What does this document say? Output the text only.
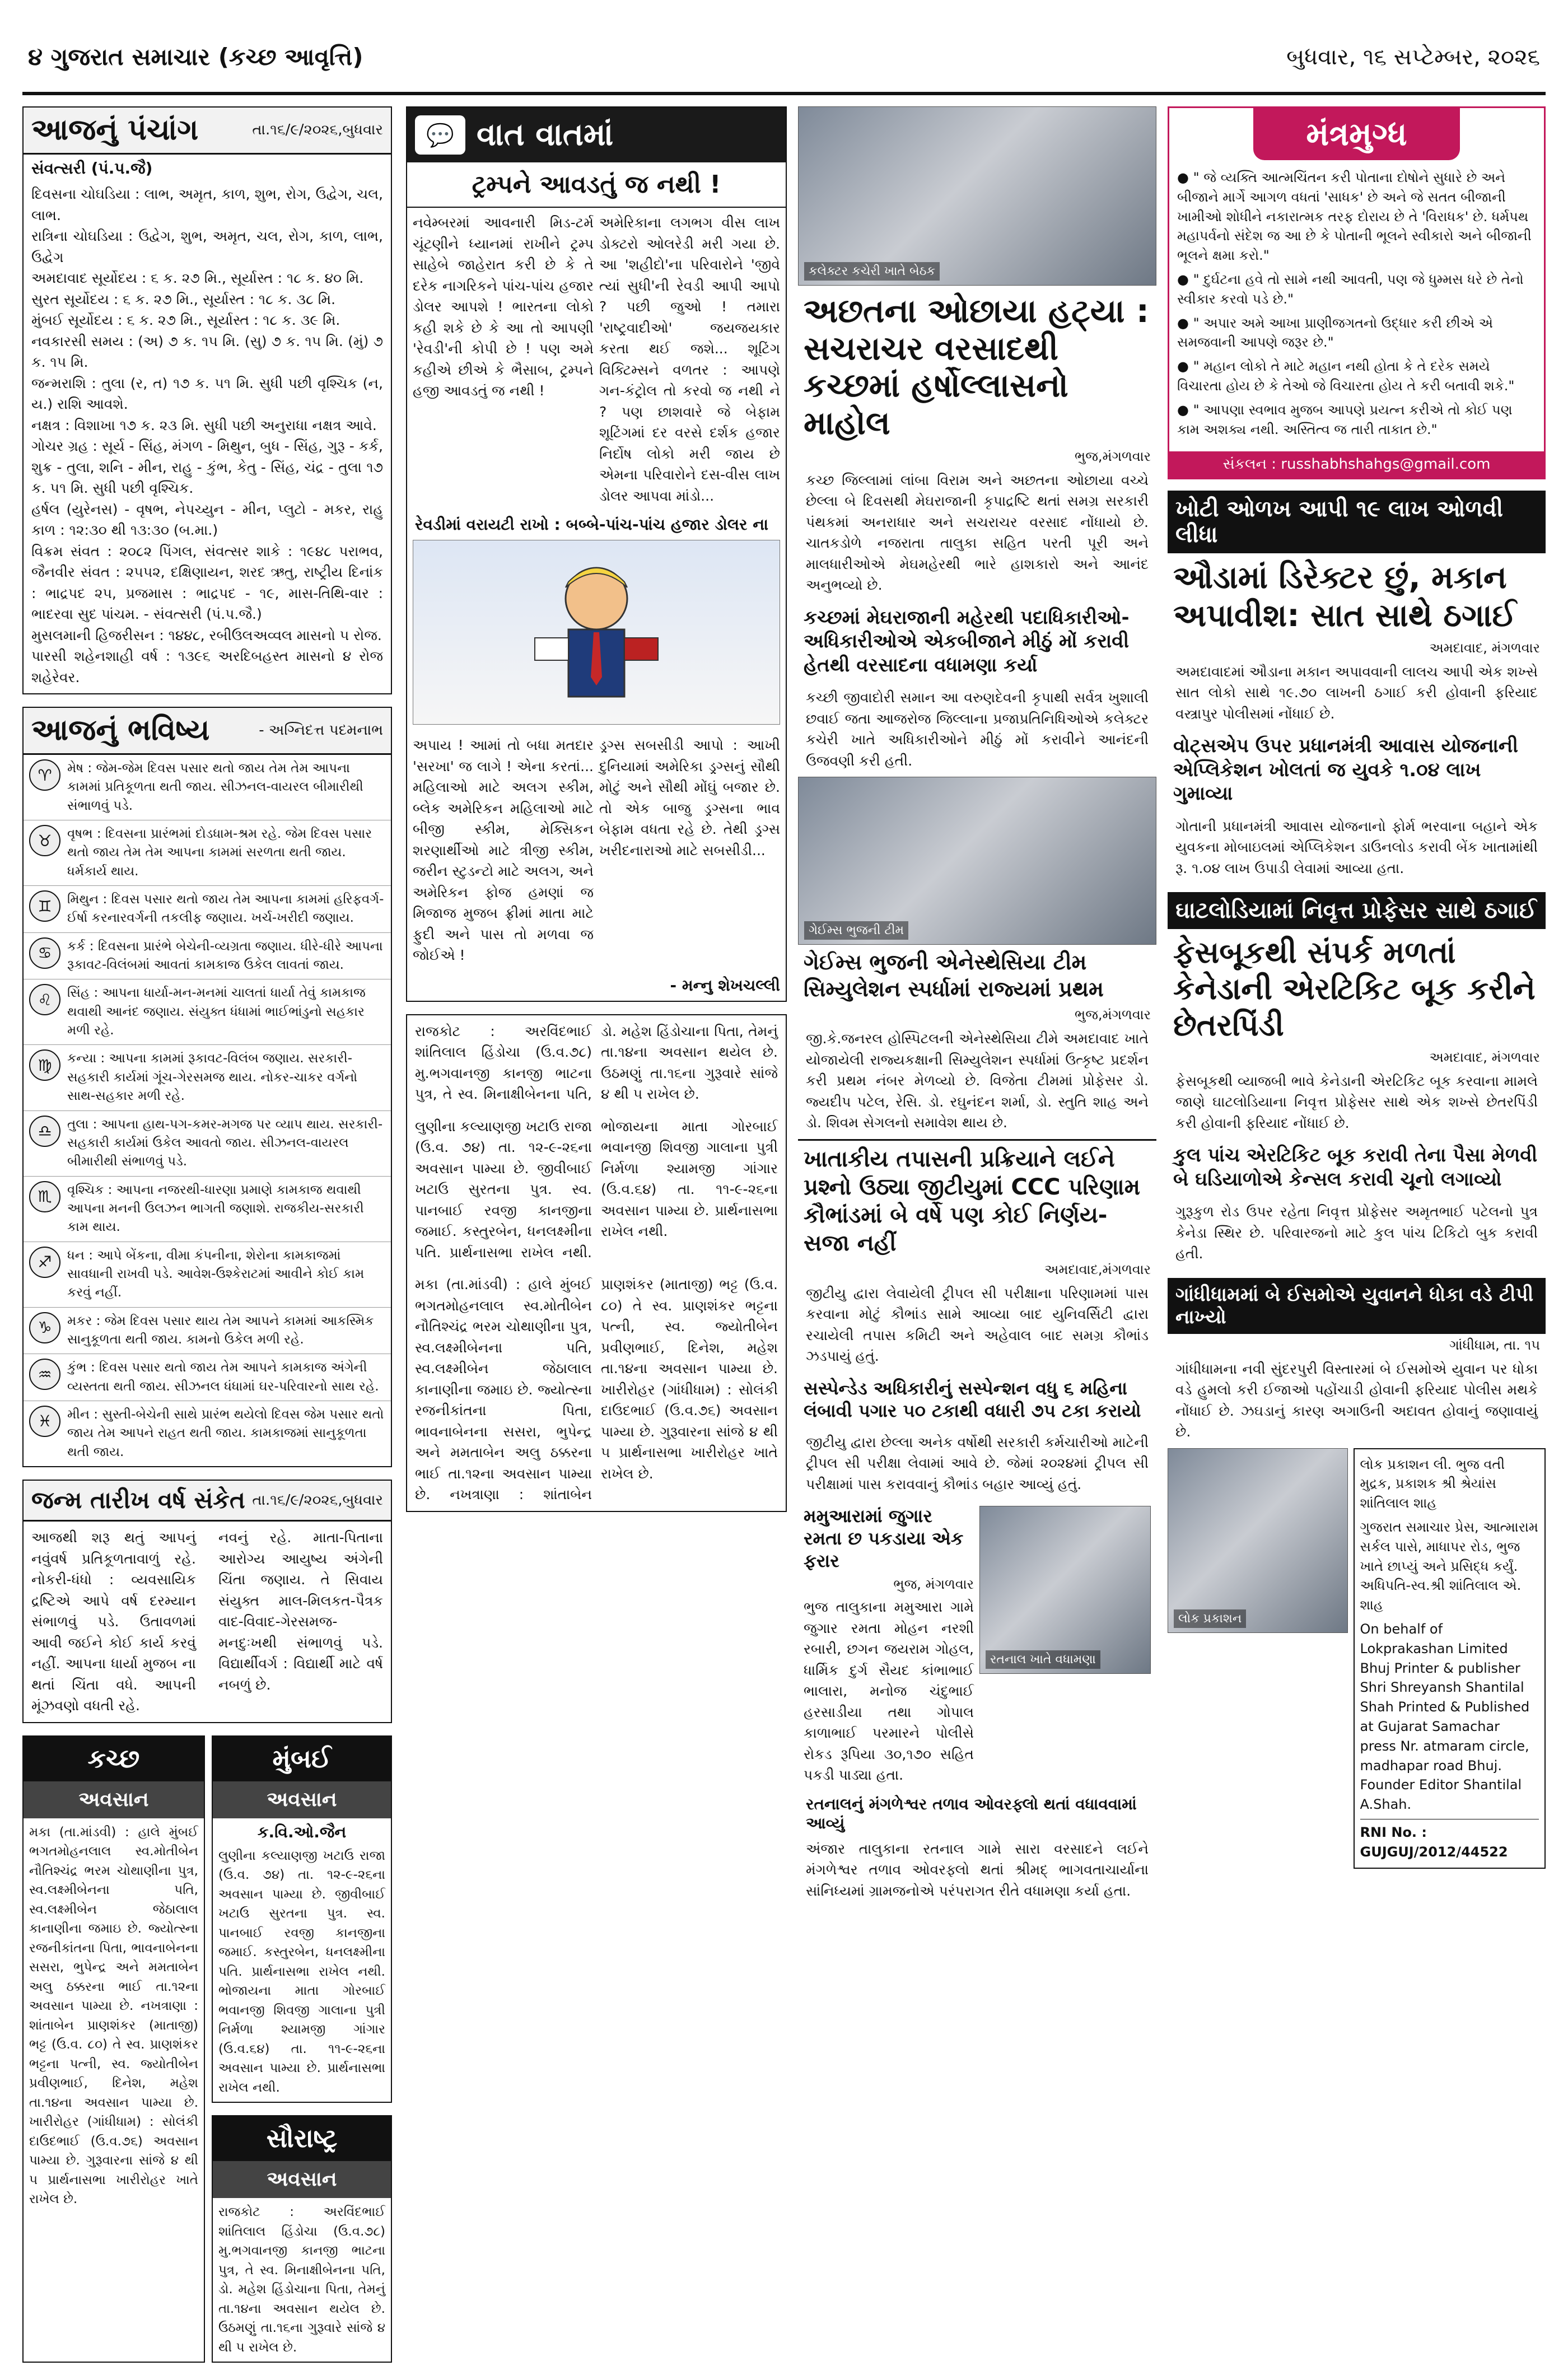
૪ ગુજરાત સમાચાર (કચ્છ આવૃત્તિ)	બુધવાર, ૧૬ સપ્ટેમ્બર, ૨૦૨૬
આજનું પંચાંગ	તા.૧૬/૯/૨૦૨૬,બુધવાર
સંવત્સરી (પં.પ.જૈ)
દિવસના ચોઘડિયા : લાભ, અમૃત, કાળ, શુભ, રોગ, ઉદ્વેગ, ચલ, લાભ.
રાત્રિના ચોઘડિયા : ઉદ્વેગ, શુભ, અમૃત, ચલ, રોગ, કાળ, લાભ, ઉદ્વેગ
અમદાવાદ સૂર્યોદય : ૬ ક. ૨૭ મિ., સૂર્યાસ્ત : ૧૮ ક. ૪૦ મિ.
સુરત સૂર્યોદય : ૬ ક. ૨૭ મિ., સૂર્યાસ્ત : ૧૮ ક. ૩૮ મિ.
મુંબઈ સૂર્યોદય : ૬ ક. ૨૭ મિ., સૂર્યાસ્ત : ૧૮ ક. ૩૯ મિ.
નવકારસી સમય : (અ) ૭ ક. ૧૫ મિ. (સુ) ૭ ક. ૧૫ મિ. (મું) ૭ ક. ૧૫ મિ.
જન્મરાશિ : તુલા (ર, ત) ૧૭ ક. ૫૧ મિ. સુધી પછી વૃશ્ચિક (ન, ય.) રાશિ આવશે.
નક્ષત્ર : વિશાખા ૧૭ ક. ૨૩ મિ. સુધી પછી અનુરાધા નક્ષત્ર આવે.
ગોચર ગ્રહ : સૂર્ય - સિંહ, મંગળ - મિથુન, બુધ - સિંહ, ગુરૂ - કર્ક, શુક્ર - તુલા, શનિ - મીન, રાહુ - કુંભ, કેતુ - સિંહ, ચંદ્ર - તુલા ૧૭ ક. ૫૧ મિ. સુધી પછી વૃશ્ચિક.
હર્ષલ (યુરેનસ) - વૃષભ, નેપચ્યુન - મીન, પ્લુટો - મકર, રાહુ કાળ : ૧૨:૩૦ થી ૧૩:૩૦ (બ.મા.)
વિક્રમ સંવત : ૨૦૮૨ પિંગલ, સંવત્સર શાકે : ૧૯૪૮ પરાભવ, જૈનવીર સંવત : ૨૫૫૨, દક્ષિણાયન, શરદ ઋતુ, રાષ્ટ્રીય દિનાંક : ભાદ્રપદ ૨૫, પ્રજમાસ : ભાદ્રપદ - ૧૯, માસ-તિથિ-વાર : ભાદરવા સુદ પાંચમ. - સંવત્સરી (પં.પ.જૈ.)
મુસલમાની હિજરીસન : ૧૪૪૮, રબીઉલઅવ્વલ માસનો ૫ રોજ.
પારસી શહેનશાહી વર્ષ : ૧૩૯૬ અરદિબહસ્ત માસનો ૪ રોજ શહેરેવર.
આજનું ભવિષ્ય	- અગ્નિદત્ત પદમનાભ
♈	મેષ : જેમ-જેમ દિવસ પસાર થતો જાય તેમ તેમ આપના કામમાં પ્રતિકૂળતા થતી જાય. સીઝનલ-વાયરલ બીમારીથી સંભાળવું પડે.

♉	વૃષભ : દિવસના પ્રારંભમાં દોડધામ-શ્રમ રહે. જેમ દિવસ પસાર થતો જાય તેમ તેમ આપના કામમાં સરળતા થતી જાય. ધર્મકાર્ય થાય.

♊	મિથુન : દિવસ પસાર થતો જાય તેમ આપના કામમાં હરિફવર્ગ- ઈર્ષા કરનારવર્ગની તકલીફ જણાય. ખર્ચ-ખરીદી જણાય.

♋	કર્ક : દિવસના પ્રારંભે બેચેની-વ્યગ્રતા જણાય. ધીરે-ધીરે આપના રૂકાવટ-વિલંબમાં આવતાં કામકાજ ઉકેલ લાવતાં જાય.

♌	સિંહ : આપના ધાર્યા-મન-મનમાં ચાલતાં ધાર્યા તેવું કામકાજ થવાથી આનંદ જણાય. સંયુક્ત ધંધામાં ભાઈભાંડુનો સહકાર મળી રહે.

♍	કન્યા : આપના કામમાં રૂકાવટ-વિલંબ જણાય. સરકારી-સહકારી કાર્યમાં ગૂંચ-ગેરસમજ થાય. નોકર-ચાકર વર્ગનો સાથ-સહકાર મળી રહે.

♎	તુલા : આપના હાથ-પગ-કમર-મગજ પર વ્યાપ થાય. સરકારી-સહકારી કાર્યમાં ઉકેલ આવતો જાય. સીઝનલ-વાયરલ બીમારીથી સંભાળવું પડે.

♏	વૃશ્ચિક : આપના નજરથી-ધારણા પ્રમાણે કામકાજ થવાથી આપના મનની ઉલઝન ભાગતી જણાશે. રાજકીય-સરકારી કામ થાય.

♐	ધન : આપે બેંકના, વીમા કંપનીના, શેરોના કામકાજમાં સાવધાની રાખવી પડે. આવેશ-ઉશ્કેરાટમાં આવીને કોઈ કામ કરવું નહીં.

♑	મકર : જેમ દિવસ પસાર થાય તેમ આપને કામમાં આકસ્મિક સાનુકૂળતા થતી જાય. કામનો ઉકેલ મળી રહે.

♒	કુંભ : દિવસ પસાર થતો જાય તેમ આપને કામકાજ અંગેની વ્યસ્તતા થતી જાય. સીઝનલ ધંધામાં ઘર-પરિવારનો સાથ રહે.

♓	મીન : સુસ્તી-બેચેની સાથે પ્રારંભ થયેલો દિવસ જેમ પસાર થતો જાય તેમ આપને રાહત થતી જાય. કામકાજમાં સાનુકૂળતા થતી જાય.

જન્મ તારીખ વર્ષ સંકેત તા.૧૬/૯/૨૦૨૬,બુધવાર
આજથી શરૂ થતું આપનું નવુંવર્ષ પ્રતિકૂળતાવાળું રહે. નોકરી-ધંધો : વ્યવસાયિક દ્રષ્ટિએ આપે વર્ષ દરમ્યાન સંભાળવું પડે. ઉતાવળમાં આવી જઈને કોઈ કાર્ય કરવું નહીં. આપના ધાર્યા મુજબ ના થતાં ચિંતા વધે. આપની મૂંઝવણો વધતી રહે.
નવનું રહે. માતા-પિતાના આરોગ્ય આયુષ્ય અંગેની ચિંતા જણાય. તે સિવાય સંયુક્ત માલ-મિલકત-પૈત્રક વાદ-વિવાદ-ગેરસમજ-મનદુઃખથી સંભાળવું પડે. વિદ્યાર્થીવર્ગ : વિદ્યાર્થી માટે વર્ષ નબળું છે.
કચ્છ
અવસાન
મકા (તા.માંડવી) : હાલે મુંબઈ ભગતમોહનલાલ સ્વ.મોતીબેન નૌતિશ્ચંદ્ર ભરમ ચોથાણીના પુત્ર, સ્વ.લક્ષ્મીબેનના પતિ, સ્વ.લક્ષ્મીબેન જેઠાલાલ કાનાણીના જમાઇ છે. જ્યોત્સ્ના રજનીકાંતના પિતા, ભાવનાબેનના સસરા, ભુપેન્દ્ર અને મમતાબેન અલુ ઠક્કરના ભાઈ તા.૧૨ના અવસાન પામ્યા છે. નખત્રાણા : શાંતાબેન પ્રાણશંકર (માતાજી) ભટ્ટ (ઉ.વ. ૮૦) તે સ્વ. પ્રાણશંકર ભટ્ટના પત્ની, સ્વ. જ્યોતીબેન પ્રવીણભાઈ, દિનેશ, મહેશ તા.૧૪ના અવસાન પામ્યા છે. ખારીરોહર (ગાંધીધામ) : સોલંકી દાઉદભાઈ (ઉ.વ.૭૬) અવસાન પામ્યા છે. ગુરૂવારના સાંજે ૪ થી ૫ પ્રાર્થનાસભા ખારીરોહર ખાતે રાખેલ છે.
મુંબઈ
અવસાન
ક.વિ.ઓ.જૈન
લુણીના કલ્યાણજી ખટાઉ રાજા (ઉ.વ. ૭૪) તા. ૧૨-૯-૨૬ના અવસાન પામ્યા છે. જીવીબાઈ ખટાઉ સુરતના પુત્ર. સ્વ. પાનબાઈ રવજી કાનજીના જમાઈ. કસ્તુરબેન, ધનલક્ષ્મીના પતિ. પ્રાર્થનાસભા રાખેલ નથી. ભોજાયના માતા ગોરબાઈ ભવાનજી શિવજી ગાલાના પુત્રી નિર્મળા શ્યામજી ગાંગાર (ઉ.વ.૬૪) તા. ૧૧-૯-૨૬ના અવસાન પામ્યા છે. પ્રાર્થનાસભા રાખેલ નથી.
સૌરાષ્ટ્ર
અવસાન
રાજકોટ : અરવિંદભાઈ શાંતિલાલ હિંડોચા (ઉ.વ.૭૮) મુ.ભગવાનજી કાનજી ભાટના પુત્ર, તે સ્વ. મિનાક્ષીબેનના પતિ, ડો. મહેશ હિંડોચાના પિતા, તેમનું તા.૧૪ના અવસાન થયેલ છે. ઉઠમણું તા.૧૬ના ગુરૂવારે સાંજે ૪ થી ૫ રાખેલ છે.
💬 વાત વાતમાં
ટ્રમ્પને આવડતું જ નથી !
નવેમ્બરમાં આવનારી મિડ-ટર્મ ચૂંટણીને ધ્યાનમાં રાખીને ટ્રમ્પ સાહેબે જાહેરાત કરી છે કે તે દરેક નાગરિકને પાંચ-પાંચ હજાર ડોલર આપશે ! ભારતના લોકો કહી શકે છે કે આ તો આપણી 'રેવડી'ની કોપી છે ! પણ અમે કહીએ છીએ કે ભૈસાબ, ટ્રમ્પને હજી આવડતું જ નથી !
અમેરિકાના લગભગ વીસ લાખ ડોક્ટરો ઓલરેડી મરી ગયા છે. આ 'શહીદો'ના પરિવારોને 'જીવે ત્યાં સુધી'ની રેવડી આપી આપો ? પછી જુઓ ! તમારા 'રાષ્ટ્રવાદીઓ' જયજયકાર કરતા થઈ જશે... શૂટિંગ વિક્ટિમ્સને વળતર : આપણે ગન-કંટ્રોલ તો કરવો જ નથી ને ? પણ છાશવારે જે બેફામ શૂટિંગમાં દર વરસે દર્શક હજાર નિર્દોષ લોકો મરી જાય છે એમના પરિવારોને દસ-વીસ લાખ ડોલર આપવા માંડો...
રેવડીમાં વરાયટી રાખો : બબ્બે-પાંચ-પાંચ હજાર ડોલર ના
અપાય ! આમાં તો બધા મતદાર 'સરખા' જ લાગે ! એના કરતાં... મહિલાઓ માટે અલગ સ્કીમ, બ્લેક અમેરિકન મહિલાઓ માટે બીજી સ્કીમ, મેક્સિકન શરણાર્થીઓ માટે ત્રીજી સ્કીમ, જરીન સ્ટુડન્ટો માટે અલગ, અને અમેરિકન ફોજ હમણાં જ મિજાજ મુજબ ફ્રીમાં માતા માટે ફુદી અને પાસ તો મળવા જ જોઈએ !
ડ્રગ્સ સબસીડી આપો : આખી દુનિયામાં અમેરિકા ડ્રગ્સનું સૌથી મોટું અને સૌથી મોંઘું બજાર છે. તો એક બાજુ ડ્રગ્સના ભાવ બેફામ વધતા રહે છે. તેથી ડ્રગ્સ ખરીદનારાઓ માટે સબસીડી...
- મન્નુ શેખચલ્લી
રાજકોટ : અરવિંદભાઈ શાંતિલાલ હિંડોચા (ઉ.વ.૭૮) મુ.ભગવાનજી કાનજી ભાટના પુત્ર, તે સ્વ. મિનાક્ષીબેનના પતિ, ડો. મહેશ હિંડોચાના પિતા, તેમનું તા.૧૪ના અવસાન થયેલ છે. ઉઠમણું તા.૧૬ના ગુરૂવારે સાંજે ૪ થી ૫ રાખેલ છે.
લુણીના કલ્યાણજી ખટાઉ રાજા (ઉ.વ. ૭૪) તા. ૧૨-૯-૨૬ના અવસાન પામ્યા છે. જીવીબાઈ ખટાઉ સુરતના પુત્ર. સ્વ. પાનબાઈ રવજી કાનજીના જમાઈ. કસ્તુરબેન, ધનલક્ષ્મીના પતિ. પ્રાર્થનાસભા રાખેલ નથી. ભોજાયના માતા ગોરબાઈ ભવાનજી શિવજી ગાલાના પુત્રી નિર્મળા શ્યામજી ગાંગાર (ઉ.વ.૬૪) તા. ૧૧-૯-૨૬ના અવસાન પામ્યા છે. પ્રાર્થનાસભા રાખેલ નથી.
મકા (તા.માંડવી) : હાલે મુંબઈ ભગતમોહનલાલ સ્વ.મોતીબેન નૌતિશ્ચંદ્ર ભરમ ચોથાણીના પુત્ર, સ્વ.લક્ષ્મીબેનના પતિ, સ્વ.લક્ષ્મીબેન જેઠાલાલ કાનાણીના જમાઇ છે. જ્યોત્સ્ના રજનીકાંતના પિતા, ભાવનાબેનના સસરા, ભુપેન્દ્ર અને મમતાબેન અલુ ઠક્કરના ભાઈ તા.૧૨ના અવસાન પામ્યા છે. નખત્રાણા : શાંતાબેન પ્રાણશંકર (માતાજી) ભટ્ટ (ઉ.વ. ૮૦) તે સ્વ. પ્રાણશંકર ભટ્ટના પત્ની, સ્વ. જ્યોતીબેન પ્રવીણભાઈ, દિનેશ, મહેશ તા.૧૪ના અવસાન પામ્યા છે. ખારીરોહર (ગાંધીધામ) : સોલંકી દાઉદભાઈ (ઉ.વ.૭૬) અવસાન પામ્યા છે. ગુરૂવારના સાંજે ૪ થી ૫ પ્રાર્થનાસભા ખારીરોહર ખાતે રાખેલ છે.
કલેક્ટર કચેરી ખાતે બેઠક
અછતના ઓછાયા હટ્યા : સચરાચર વરસાદથી કચ્છમાં હર્ષોલ્લાસનો માહોલ
ભુજ,મંગળવાર
કચ્છ જિલ્લામાં લાંબા વિરામ અને અછતના ઓછાયા વચ્ચે છેલ્લા બે દિવસથી મેઘરાજાની કૃપાદ્રષ્ટિ થતાં સમગ્ર સરકારી પંથકમાં અનરાધાર અને સચરાચર વરસાદ નોંધાયો છે. ચાતકડોળે નજરાતા તાલુકા સહિત પરતી પૂરી અને માલધારીઓએ મેઘમહેરથી ભારે હાશકારો અને આનંદ અનુભવ્યો છે.
કચ્છમાં મેઘરાજાની મહેરથી પદાધિકારીઓ- અધિકારીઓએ એકબીજાને મીઠું મોં કરાવી હેતથી વરસાદના વધામણા કર્યા
કચ્છી જીવાદોરી સમાન આ વરુણદેવની કૃપાથી સર્વત્ર ખુશાલી છવાઈ જતા આજરોજ જિલ્લાના પ્રજાપ્રતિનિધિઓએ કલેક્ટર કચેરી ખાતે અધિકારીઓને મીઠું મોં કરાવીને આનંદની ઉજવણી કરી હતી.
ગેઈમ્સ ભુજની ટીમ
ગેઈમ્સ ભુજની એનેસ્થેસિયા ટીમ સિમ્યુલેશન સ્પર્ધામાં રાજ્યમાં પ્રથમ
ભુજ,મંગળવાર
જી.કે.જનરલ હોસ્પિટલની એનેસ્થેસિયા ટીમે અમદાવાદ ખાતે યોજાયેલી રાજ્યકક્ષાની સિમ્યુલેશન સ્પર્ધામાં ઉત્કૃષ્ટ પ્રદર્શન કરી પ્રથમ નંબર મેળવ્યો છે. વિજેતા ટીમમાં પ્રોફેસર ડો. જ્યદીપ પટેલ, રેસિ. ડો. રઘુનંદન શર્મા, ડો. સ્તુતિ શાહ અને ડો. શિવમ સેગલનો સમાવેશ થાય છે.
ખાતાકીય તપાસની પ્રક્રિયાને લઈને પ્રશ્નો ઉઠ્યા જીટીયુમાં CCC પરિણામ કૌભાંડમાં બે વર્ષે પણ કોઈ નિર્ણય-સજા નહીં
અમદાવાદ,મંગળવાર
જીટીયુ દ્વારા લેવાયેલી ટ્રીપલ સી પરીક્ષાના પરિણામમાં પાસ કરવાના મોટું કૌભાંડ સામે આવ્યા બાદ યુનિવર્સિટી દ્વારા રચાયેલી તપાસ કમિટી અને અહેવાલ બાદ સમગ્ર કૌભાંડ ઝડપાયું હતું.
સસ્પેન્ડેડ અધિકારીનું સસ્પેન્શન વધુ ૬ મહિના લંબાવી પગાર ૫૦ ટકાથી વધારી ૭૫ ટકા કરાયો
જીટીયુ દ્વારા છેલ્લા અનેક વર્ષોથી સરકારી કર્મચારીઓ માટેની ટ્રીપલ સી પરીક્ષા લેવામાં આવે છે. જેમાં ૨૦૨૪માં ટ્રીપલ સી પરીક્ષામાં પાસ કરાવવાનું કૌભાંડ બહાર આવ્યું હતું.
મમુઆરામાં જુગાર રમતા છ પકડાયા એક ફરાર
ભુજ, મંગળવાર
ભુજ તાલુકાના મમુઆરા ગામે જુગાર રમતા મોહન નરશી રબારી, છગન જયરામ ગોહલ, ધાર્મિક દુર્ગ સૈયદ કાંભાભાઈ ભાલારા, મનોજ ચંદુભાઈ હરસાડીયા તથા ગોપાલ કાળાભાઈ પરમારને પોલીસે રોકડ રૂપિયા ૩૦,૧૭૦ સહિત પકડી પાડ્યા હતા.
રતનાલ ખાતે વધામણા
રતનાલનું મંગળેશ્વર તળાવ ઓવરફ્લો થતાં વધાવવામાં આવ્યું
અંજાર તાલુકાના રતનાલ ગામે સારા વરસાદને લઈને મંગળેશ્વર તળાવ ઓવરફ્લો થતાં શ્રીમદ્ ભાગવતાચાર્યાના સાંનિધ્યમાં ગ્રામજનોએ પરંપરાગત રીતે વધામણા કર્યા હતા.
મંત્રમુગ્ધ
● " જે વ્યક્તિ આત્મચિંતન કરી પોતાના દોષોને સુધારે છે અને બીજાને માર્ગે આગળ વધતાં 'સાધક' છે અને જે સતત બીજાની ખામીઓ શોધીને નકારાત્મક તરફ દોરાય છે તે 'વિરાધક' છે. ધર્મપથ મહાપર્વનો સંદેશ જ આ છે કે પોતાની ભૂલને સ્વીકારો અને બીજાની ભૂલને ક્ષમા કરો."
● " દુર્ઘટના હવે તો સામે નથી આવતી, પણ જે ધુમ્મસ ધરે છે તેનો સ્વીકાર કરવો પડે છે."
● " અપાર અમે આખા પ્રાણીજગતનો ઉદ્ધાર કરી છીએ એ સમજવાની આપણે જરૂર છે."
● " મહાન લોકો તે માટે મહાન નથી હોતા કે તે દરેક સમયે વિચારતા હોય છે કે તેઓ જે વિચારતા હોય તે કરી બતાવી શકે."
● " આપણા સ્વભાવ મુજબ આપણે પ્રયત્ન કરીએ તો કોઈ પણ કામ અશક્ય નથી. અસ્તિત્વ જ તારી તાકાત છે."
સંકલન : russhabhshahgs@gmail.com
ખોટી ઓળખ આપી ૧૯ લાખ ઓળવી લીધા
ઔડામાં ડિરેક્ટર છું, મકાન અપાવીશ: સાત સાથે ઠગાઈ
અમદાવાદ, મંગળવાર
અમદાવાદમાં ઔડાના મકાન અપાવવાની લાલચ આપી એક શખ્સે સાત લોકો સાથે ૧૯.૭૦ લાખની ઠગાઈ કરી હોવાની ફરિયાદ વસ્ત્રાપુર પોલીસમાં નોંધાઈ છે.
વોટ્સએપ ઉપર પ્રધાનમંત્રી આવાસ યોજનાની એપ્લિકેશન ખોલતાં જ યુવકે ૧.૦૪ લાખ ગુમાવ્યા
ગોતાની પ્રધાનમંત્રી આવાસ યોજનાનો ફોર્મ ભરવાના બહાને એક યુવકના મોબાઇલમાં એપ્લિકેશન ડાઉનલોડ કરાવી બેંક ખાતામાંથી રૂ. ૧.૦૪ લાખ ઉપાડી લેવામાં આવ્યા હતા.
ઘાટલોડિયામાં નિવૃત્ત પ્રોફેસર સાથે ઠગાઈ
ફેસબૂકથી સંપર્ક મળતાં કેનેડાની એરટિકિટ બૂક કરીને છેતરપિંડી
અમદાવાદ, મંગળવાર
ફેસબૂકથી વ્યાજબી ભાવે કેનેડાની એરટિકિટ બૂક કરવાના મામલે જાણે ઘાટલોડિયાના નિવૃત્ત પ્રોફેસર સાથે એક શખ્સે છેતરપિંડી કરી હોવાની ફરિયાદ નોંધાઈ છે.
કુલ પાંચ એરટિકિટ બૂક કરાવી તેના પૈસા મેળવી બે ઘડિયાળોએ કેન્સલ કરાવી ચૂનો લગાવ્યો
ગુરૂકુળ રોડ ઉપર રહેતા નિવૃત્ત પ્રોફેસર અમૃતભાઈ પટેલનો પુત્ર કેનેડા સ્થિર છે. પરિવારજનો માટે કુલ પાંચ ટિકિટો બુક કરાવી હતી.
ગાંધીધામમાં બે ઈસમોએ યુવાનને ધોકા વડે ટીપી નાખ્યો
ગાંધીધામ, તા. ૧૫
ગાંધીધામના નવી સુંદરપુરી વિસ્તારમાં બે ઈસમોએ યુવાન પર ધોકા વડે હુમલો કરી ઈજાઓ પહોંચાડી હોવાની ફરિયાદ પોલીસ મથકે નોંધાઈ છે. ઝઘડાનું કારણ અગાઉની અદાવત હોવાનું જણાવાયું છે.
લોક પ્રકાશન
લોક પ્રકાશન લી. ભુજ વતી મુદ્રક, પ્રકાશક શ્રી શ્રેયાંસ શાંતિલાલ શાહ
ગુજરાત સમાચાર પ્રેસ, આત્મારામ સર્કલ પાસે, માધાપર રોડ, ભુજ ખાતે છાપ્યું અને પ્રસિદ્ધ કર્યું. અધિપતિ-સ્વ.શ્રી શાંતિલાલ એ. શાહ
On behalf of Lokprakashan Limited Bhuj Printer & publisher Shri Shreyansh Shantilal Shah Printed & Published at Gujarat Samachar press Nr. atmaram circle, madhapar road Bhuj. Founder Editor Shantilal A.Shah.
RNI No. : GUJGUJ/2012/44522
